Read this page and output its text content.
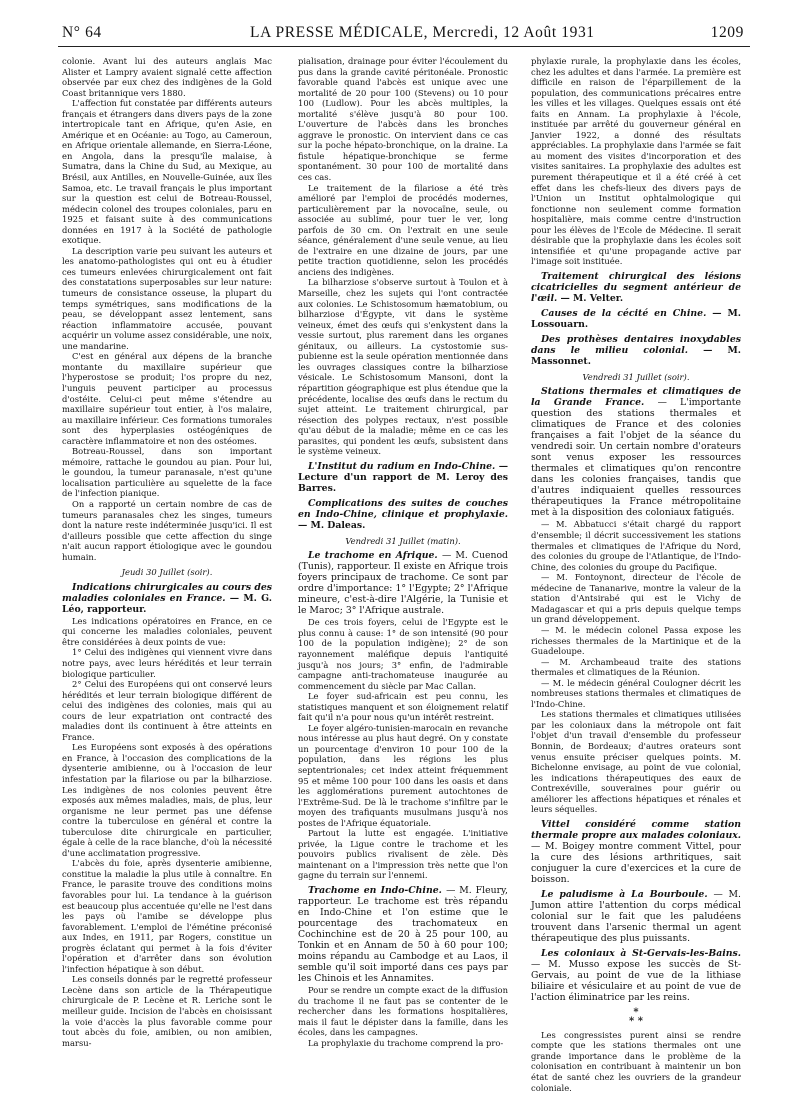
N° 64	LA PRESSE MÉDICALE, Mercredi, 12 Août 1931	1209

colonie. Avant lui des auteurs anglais Mac Alister et Lampry avaient signalé cette affection observée par eux chez des indigènes de la Gold Coast britannique vers 1880.

L'affection fut constatée par différents auteurs français et étrangers dans divers pays de la zone intertropicale tant en Afrique, qu'en Asie, en Amérique et en Océanie: au Togo, au Cameroun, en Afrique orientale allemande, en Sierra-Léone, en Angola, dans la presqu'île malaise, à Sumatra, dans la Chine du Sud, au Mexique, au Brésil, aux Antilles, en Nouvelle-Guinée, aux îles Samoa, etc. Le travail français le plus important sur la question est celui de Botreau-Roussel, médecin colonel des troupes coloniales, paru en 1925 et faisant suite à des communications données en 1917 à la Société de pathologie exotique.

La description varie peu suivant les auteurs et les anatomo-pathologistes qui ont eu à étudier ces tumeurs enlevées chirurgicalement ont fait des constatations superposables sur leur nature: tumeurs de consistance osseuse, la plupart du temps symétriques, sans modifications de la peau, se développant assez lentement, sans réaction inflammatoire accusée, pouvant acquérir un volume assez considérable, une noix, une mandarine.

C'est en général aux dépens de la branche montante du maxillaire supérieur que l'hyperostose se produit; l'os propre du nez, l'unguis peuvent participer au processus d'ostéite. Celui-ci peut même s'étendre au maxillaire supérieur tout entier, à l'os malaire, au maxillaire inférieur. Ces formations tumorales sont des hyperplasies ostéogéniques de caractère inflammatoire et non des ostéomes.

Botreau-Roussel, dans son important mémoire, rattache le goundou au pian. Pour lui, le goundou, la tumeur paranasale, n'est qu'une localisation particulière au squelette de la face de l'infection pianique.

On a rapporté un certain nombre de cas de tumeurs paranasales chez les singes, tumeurs dont la nature reste indéterminée jusqu'ici. Il est d'ailleurs possible que cette affection du singe n'ait aucun rapport étiologique avec le goundou humain.

Jeudi 30 Juillet (soir).
Indications chirurgicales au cours des maladies coloniales en France. — M. G. Léo, rapporteur.

Les indications opératoires en France, en ce qui concerne les maladies coloniales, peuvent être considérées à deux points de vue:

1° Celui des indigènes qui viennent vivre dans notre pays, avec leurs hérédités et leur terrain biologique particulier.

2° Celui des Européens qui ont conservé leurs hérédités et leur terrain biologique différent de celui des indigènes des colonies, mais qui au cours de leur expatriation ont contracté des maladies dont ils continuent à être atteints en France.

Les Européens sont exposés à des opérations en France, à l'occasion des complications de la dysenterie amibienne, ou à l'occasion de leur infestation par la filariose ou par la bilharziose. Les indigènes de nos colonies peuvent être exposés aux mêmes maladies, mais, de plus, leur organisme ne leur permet pas une défense contre la tuberculose en général et contre la tuberculose dite chirurgicale en particulier, égale à celle de la race blanche, d'où la nécessité d'une acclimatation progressive.

L'abcès du foie, après dysenterie amibienne, constitue la maladie la plus utile à connaître. En France, le parasite trouve des conditions moins favorables pour lui. La tendance à la guérison est beaucoup plus accentuée qu'elle ne l'est dans les pays où l'amibe se développe plus favorablement. L'emploi de l'émétine préconisé aux Indes, en 1911, par Rogers, constitue un progrès éclatant qui permet à la fois d'éviter l'opération et d'arrêter dans son évolution l'infection hépatique à son début.

Les conseils donnés par le regretté professeur Lecène dans son article de la Thérapeutique chirurgicale de P. Lecène et R. Leriche sont le meilleur guide. Incision de l'abcès en choisissant la voie d'accès la plus favorable comme pour tout abcès du foie, amibien, ou non amibien, marsu-

pialisation, drainage pour éviter l'écoulement du pus dans la grande cavité péritonéale. Pronostic favorable quand l'abcès est unique avec une mortalité de 20 pour 100 (Stevens) ou 10 pour 100 (Ludlow). Pour les abcès multiples, la mortalité s'élève jusqu'à 80 pour 100. L'ouverture de l'abcès dans les bronches aggrave le pronostic. On intervient dans ce cas sur la poche hépato-bronchique, on la draine. La fistule hépatique-bronchique se ferme spontanément. 30 pour 100 de mortalité dans ces cas.

Le traitement de la filariose a été très amélioré par l'emploi de procédés modernes, particulièrement par la novocaïne, seule, ou associée au sublimé, pour tuer le ver, long parfois de 30 cm. On l'extrait en une seule séance, généralement d'une seule venue, au lieu de l'extraire en une dizaine de jours, par une petite traction quotidienne, selon les procédés anciens des indigènes.

La bilharziose s'observe surtout à Toulon et à Marseille, chez les sujets qui l'ont contractée aux colonies. Le Schistosomum hæmatobium, ou bilharziose d'Égypte, vit dans le système veineux, émet des œufs qui s'enkystent dans la vessie surtout, plus rarement dans les organes génitaux, ou ailleurs. La cystostomie sus-pubienne est la seule opération mentionnée dans les ouvrages classiques contre la bilharziose vésicale. Le Schistosomum Mansoni, dont la répartition géographique est plus étendue que la précédente, localise des œufs dans le rectum du sujet atteint. Le traitement chirurgical, par résection des polypes rectaux, n'est possible qu'au début de la maladie; même en ce cas les parasites, qui pondent les œufs, subsistent dans le système veineux.

L'Institut du radium en Indo-Chine. — Lecture d'un rapport de M. Leroy des Barres.
Complications des suites de couches en Indo-Chine, clinique et prophylaxie. — M. Daleas.
Vendredi 31 Juillet (matin).
Le trachome en Afrique. — M. Cuenod (Tunis), rapporteur. Il existe en Afrique trois foyers principaux de trachome. Ce sont par ordre d'importance: 1° l'Egypte; 2° l'Afrique mineure, c'est-à-dire l'Algérie, la Tunisie et le Maroc; 3° l'Afrique australe.

De ces trois foyers, celui de l'Egypte est le plus connu à cause: 1° de son intensité (90 pour 100 de la population indigène); 2° de son rayonnement maléfique depuis l'antiquité jusqu'à nos jours; 3° enfin, de l'admirable campagne anti-trachomateuse inaugurée au commencement du siècle par Mac Callan.

Le foyer sud-africain est peu connu, les statistiques manquent et son éloignement relatif fait qu'il n'a pour nous qu'un intérêt restreint.

Le foyer algéro-tunisien-marocain en revanche nous intéresse au plus haut degré. On y constate un pourcentage d'environ 10 pour 100 de la population, dans les régions les plus septentrionales; cet index atteint fréquemment 95 et même 100 pour 100 dans les oasis et dans les agglomérations purement autochtones de l'Extrême-Sud. De là le trachome s'infiltre par le moyen des trafiquants musulmans jusqu'à nos postes de l'Afrique équatoriale.

Partout la lutte est engagée. L'initiative privée, la Ligue contre le trachome et les pouvoirs publics rivalisent de zèle. Dès maintenant on a l'impression très nette que l'on gagne du terrain sur l'ennemi.

Trachome en Indo-Chine. — M. Fleury, rapporteur. Le trachome est très répandu en Indo-Chine et l'on estime que le pourcentage des trachomateux en Cochinchine est de 20 à 25 pour 100, au Tonkin et en Annam de 50 à 60 pour 100; moins répandu au Cambodge et au Laos, il semble qu'il soit importé dans ces pays par les Chinois et les Annamites.

Pour se rendre un compte exact de la diffusion du trachome il ne faut pas se contenter de le rechercher dans les formations hospitalières, mais il faut le dépister dans la famille, dans les écoles, dans les campagnes.

La prophylaxie du trachome comprend la pro-

phylaxie rurale, la prophylaxie dans les écoles, chez les adultes et dans l'armée. La première est difficile en raison de l'éparpillement de la population, des communications précaires entre les villes et les villages. Quelques essais ont été faits en Annam. La prophylaxie à l'école, instituée par arrêté du gouverneur général en Janvier 1922, a donné des résultats appréciables. La prophylaxie dans l'armée se fait au moment des visites d'incorporation et des visites sanitaires. La prophylaxie des adultes est purement thérapeutique et il a été créé à cet effet dans les chefs-lieux des divers pays de l'Union un Institut ophtalmologique qui fonctionne non seulement comme formation hospitalière, mais comme centre d'instruction pour les élèves de l'Ecole de Médecine. Il serait désirable que la prophylaxie dans les écoles soit intensifiée et qu'une propagande active par l'image soit instituée.

Traitement chirurgical des lésions cicatricielles du segment antérieur de l'œil. — M. Velter.
Causes de la cécité en Chine. — M. Lossouarn.
Des prothèses dentaires inoxydables dans le milieu colonial. — M. Massonnet.
Vendredi 31 Juillet (soir).
Stations thermales et climatiques de la Grande France. — L'importante question des stations thermales et climatiques de France et des colonies françaises a fait l'objet de la séance du vendredi soir. Un certain nombre d'orateurs sont venus exposer les ressources thermales et climatiques qu'on rencontre dans les colonies françaises, tandis que d'autres indiquaient quelles ressources thérapeutiques la France métropolitaine met à la disposition des coloniaux fatigués.

— M. Abbatucci s'était chargé du rapport d'ensemble; il décrit successivement les stations thermales et climatiques de l'Afrique du Nord, des colonies du groupe de l'Atlantique, de l'Indo-Chine, des colonies du groupe du Pacifique.

— M. Fontoynont, directeur de l'école de médecine de Tananarive, montre la valeur de la station d'Antsirabé qui est le Vichy de Madagascar et qui a pris depuis quelque temps un grand développement.

— M. le médecin colonel Passa expose les richesses thermales de la Martinique et de la Guadeloupe.

— M. Archambeaud traite des stations thermales et climatiques de la Réunion.

— M. le médecin général Coulogner décrit les nombreuses stations thermales et climatiques de l'Indo-Chine.

Les stations thermales et climatiques utilisées par les coloniaux dans la métropole ont fait l'objet d'un travail d'ensemble du professeur Bonnin, de Bordeaux; d'autres orateurs sont venus ensuite préciser quelques points. M. Bichelonne envisage, au point de vue colonial, les indications thérapeutiques des eaux de Contrexéville, souveraines pour guérir ou améliorer les affections hépatiques et rénales et leurs séquelles.

Vittel considéré comme station thermale propre aux malades coloniaux. — M. Boigey montre comment Vittel, pour la cure des lésions arthritiques, sait conjuguer la cure d'exercices et la cure de boisson.
Le paludisme à La Bourboule. — M. Jumon attire l'attention du corps médical colonial sur le fait que les paludéens trouvent dans l'arsenic thermal un agent thérapeutique des plus puissants.
Les coloniaux à St-Gervais-les-Bains. — M. Musso expose les succès de St-Gervais, au point de vue de la lithiase biliaire et vésiculaire et au point de vue de l'action éliminatrice par les reins.
*
* *

Les congressistes purent ainsi se rendre compte que les stations thermales ont une grande importance dans le problème de la colonisation en contribuant à maintenir un bon état de santé chez les ouvriers de la grandeur coloniale.
